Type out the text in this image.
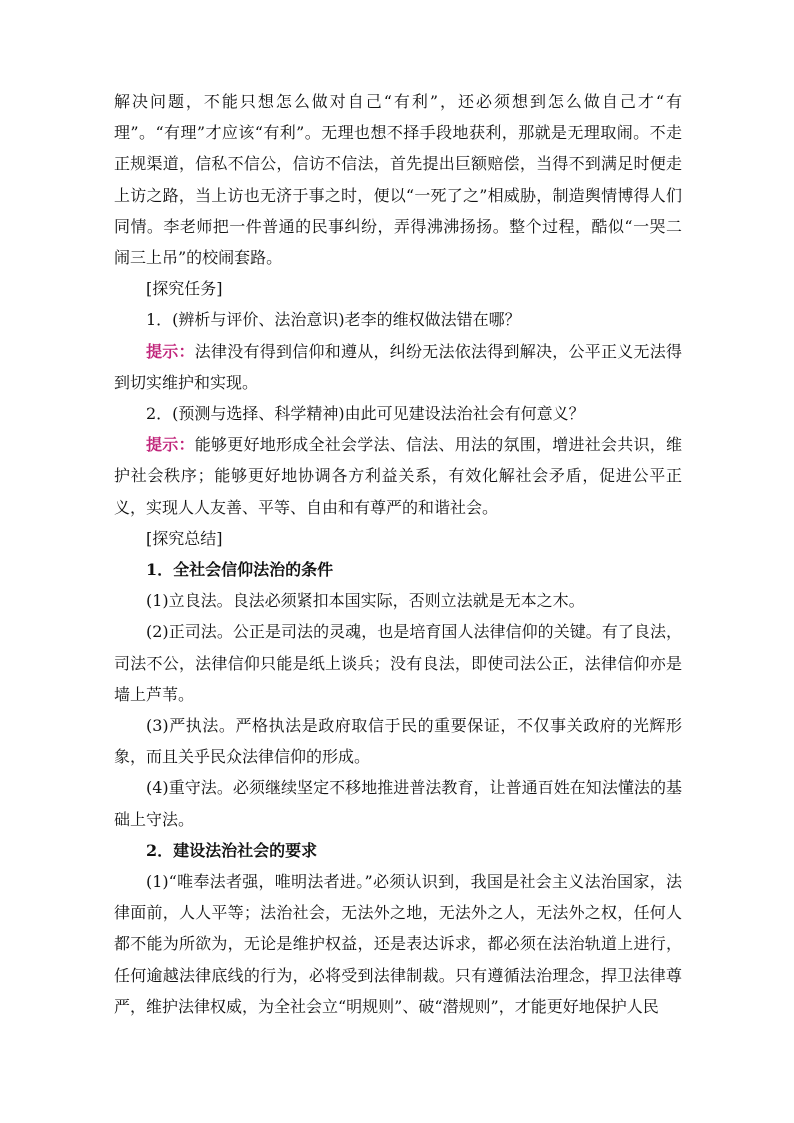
解决问题，不能只想怎么做对自己“有利”，还必须想到怎么做自己才“有理”。“有理”才应该“有利”。无理也想不择手段地获利，那就是无理取闹。不走正规渠道，信私不信公，信访不信法，首先提出巨额赔偿，当得不到满足时便走上访之路，当上访也无济于事之时，便以“一死了之”相威胁，制造舆情博得人们同情。李老师把一件普通的民事纠纷，弄得沸沸扬扬。整个过程，酷似“一哭二闹三上吊”的校闹套路。

[探究任务]

1．(辨析与评价、法治意识)老李的维权做法错在哪？

提示：法律没有得到信仰和遵从，纠纷无法依法得到解决，公平正义无法得到切实维护和实现。

2．(预测与选择、科学精神)由此可见建设法治社会有何意义？

提示：能够更好地形成全社会学法、信法、用法的氛围，增进社会共识，维护社会秩序；能够更好地协调各方利益关系，有效化解社会矛盾，促进公平正义，实现人人友善、平等、自由和有尊严的和谐社会。

[探究总结]

1．全社会信仰法治的条件

(1)立良法。良法必须紧扣本国实际，否则立法就是无本之木。

(2)正司法。公正是司法的灵魂，也是培育国人法律信仰的关键。有了良法，司法不公，法律信仰只能是纸上谈兵；没有良法，即使司法公正，法律信仰亦是墙上芦苇。

(3)严执法。严格执法是政府取信于民的重要保证，不仅事关政府的光辉形象，而且关乎民众法律信仰的形成。

(4)重守法。必须继续坚定不移地推进普法教育，让普通百姓在知法懂法的基础上守法。

2．建设法治社会的要求

(1)“唯奉法者强，唯明法者进。”必须认识到，我国是社会主义法治国家，法律面前，人人平等；法治社会，无法外之地，无法外之人，无法外之权，任何人都不能为所欲为，无论是维护权益，还是表达诉求，都必须在法治轨道上进行，任何逾越法律底线的行为，必将受到法律制裁。只有遵循法治理念，捍卫法律尊严，维护法律权威，为全社会立“明规则”、破“潜规则”，才能更好地保护人民
